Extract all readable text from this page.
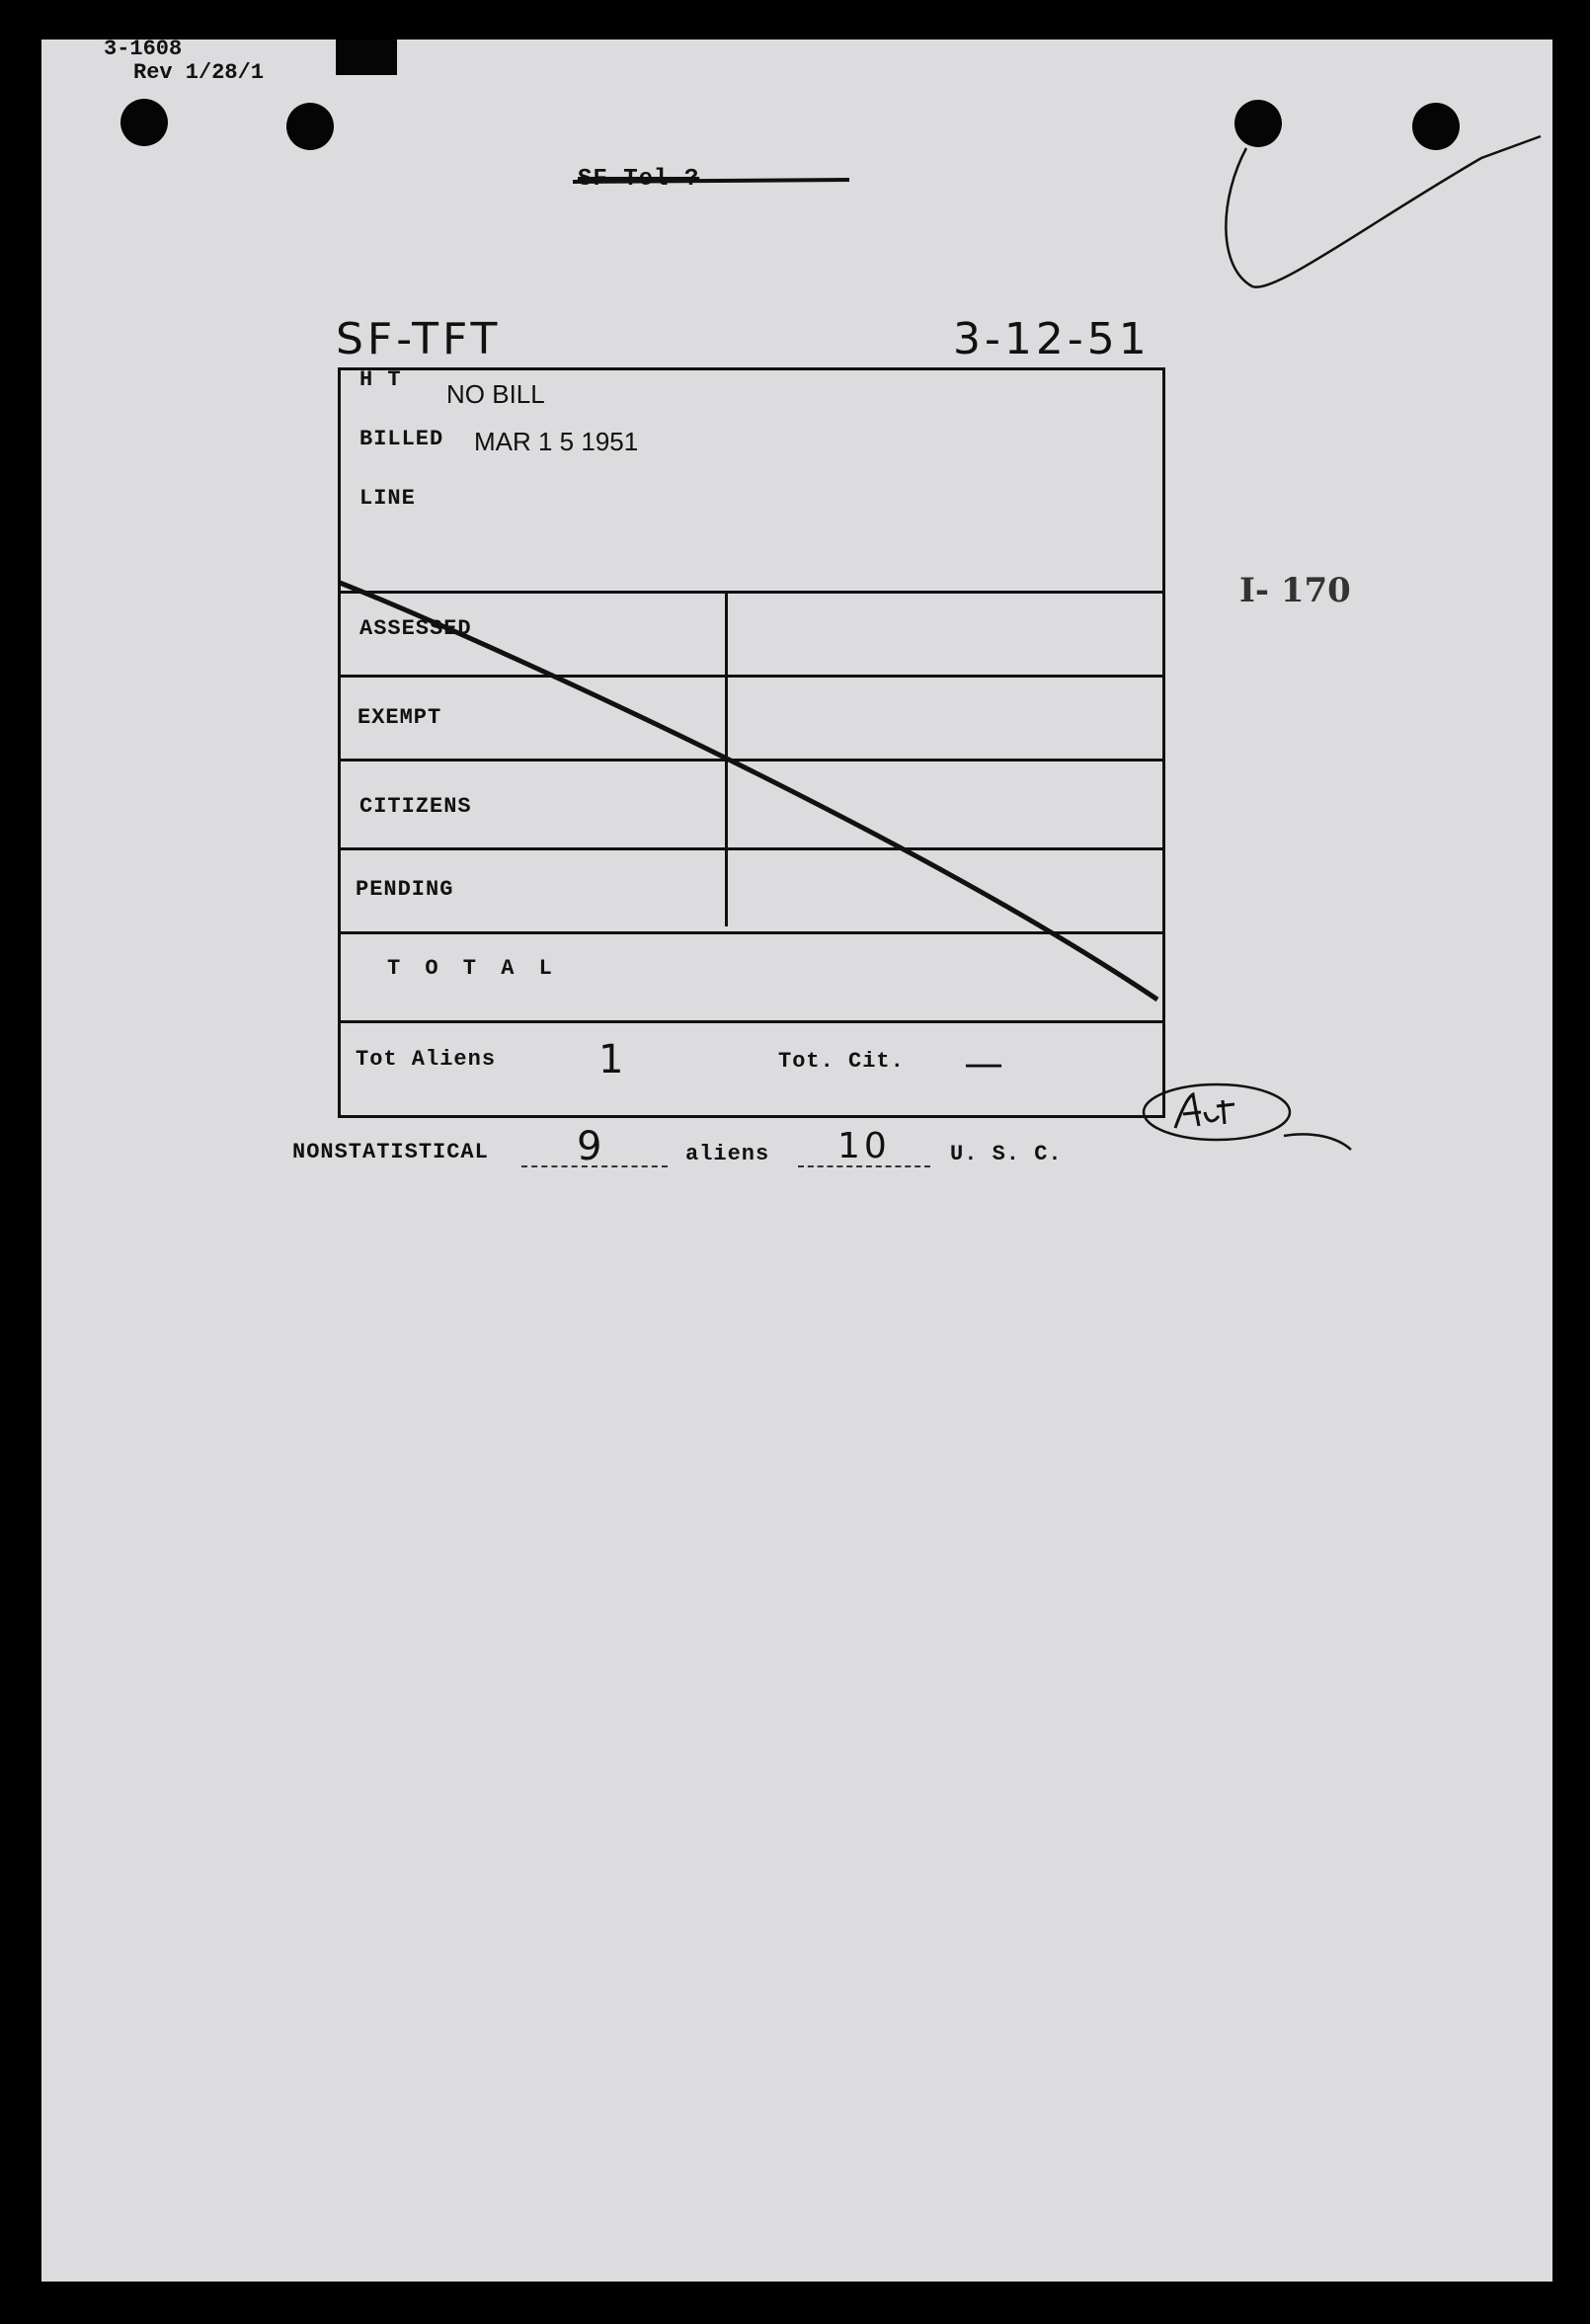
3-1608
Rev 1/28/1
SF-Tel ?
SF-TFT	3-12-51
H T NO BILL
BILLED MAR 1 5 1951
LINE
ASSESSED
EXEMPT
CITIZENS
PENDING
T O T A L
Tot Aliens	1	Tot. Cit. —
I- 170
NONSTATISTICAL 9	aliens 10	U. S. C.
